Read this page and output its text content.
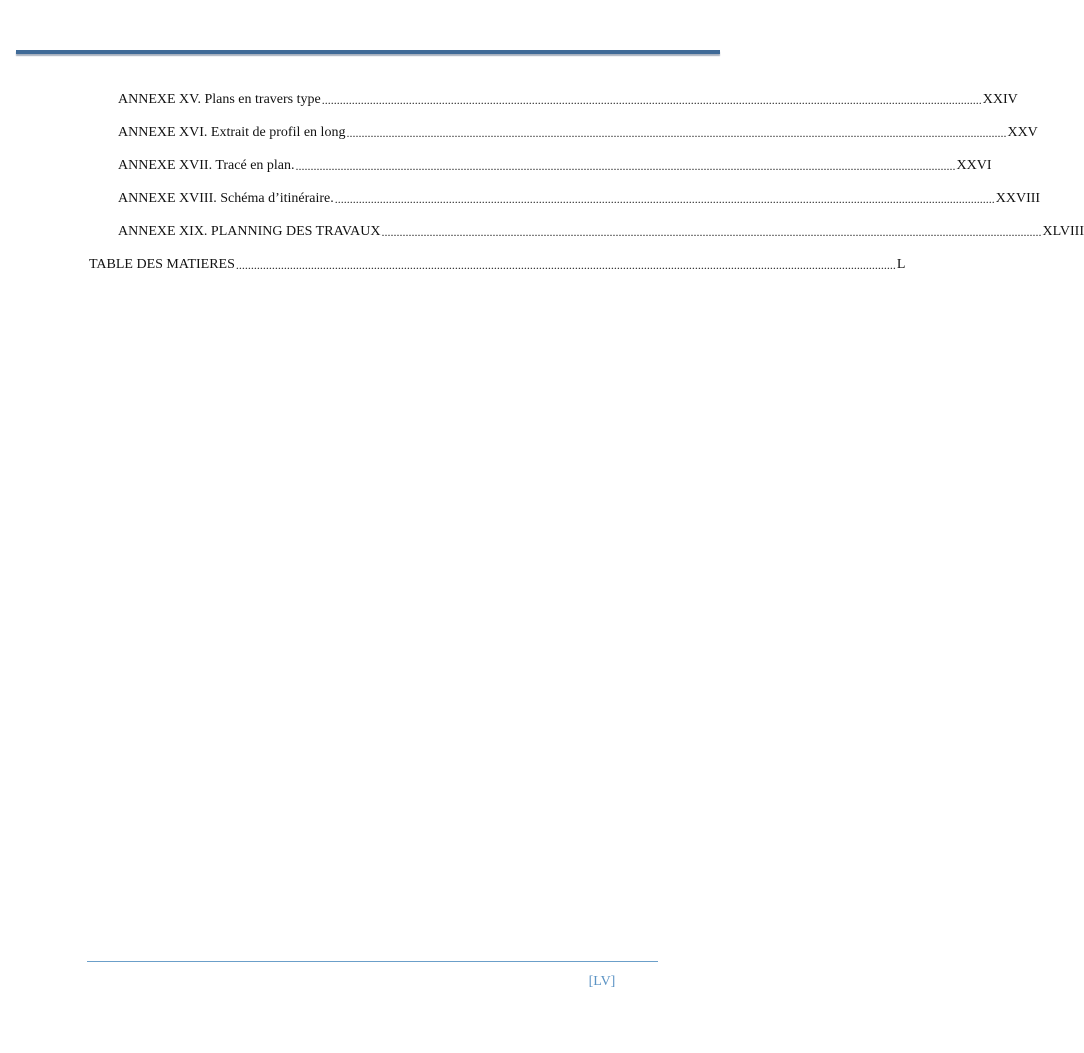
ANNEXE XV. Plans en travers type ............................................................................................................................................................................................................................ XXIV
ANNEXE XVI. Extrait de profil en long ............................................................................................................................................................................................................................ XXV
ANNEXE XVII. Tracé en plan. ............................................................................................................................................................................................................................ XXVI
ANNEXE XVIII. Schéma d’itinéraire. ............................................................................................................................................................................................................................ XXVIII
ANNEXE XIX. PLANNING DES TRAVAUX ............................................................................................................................................................................................................................ XLVIII
TABLE DES MATIERES ............................................................................................................................................................................................................................ L
[LV]
